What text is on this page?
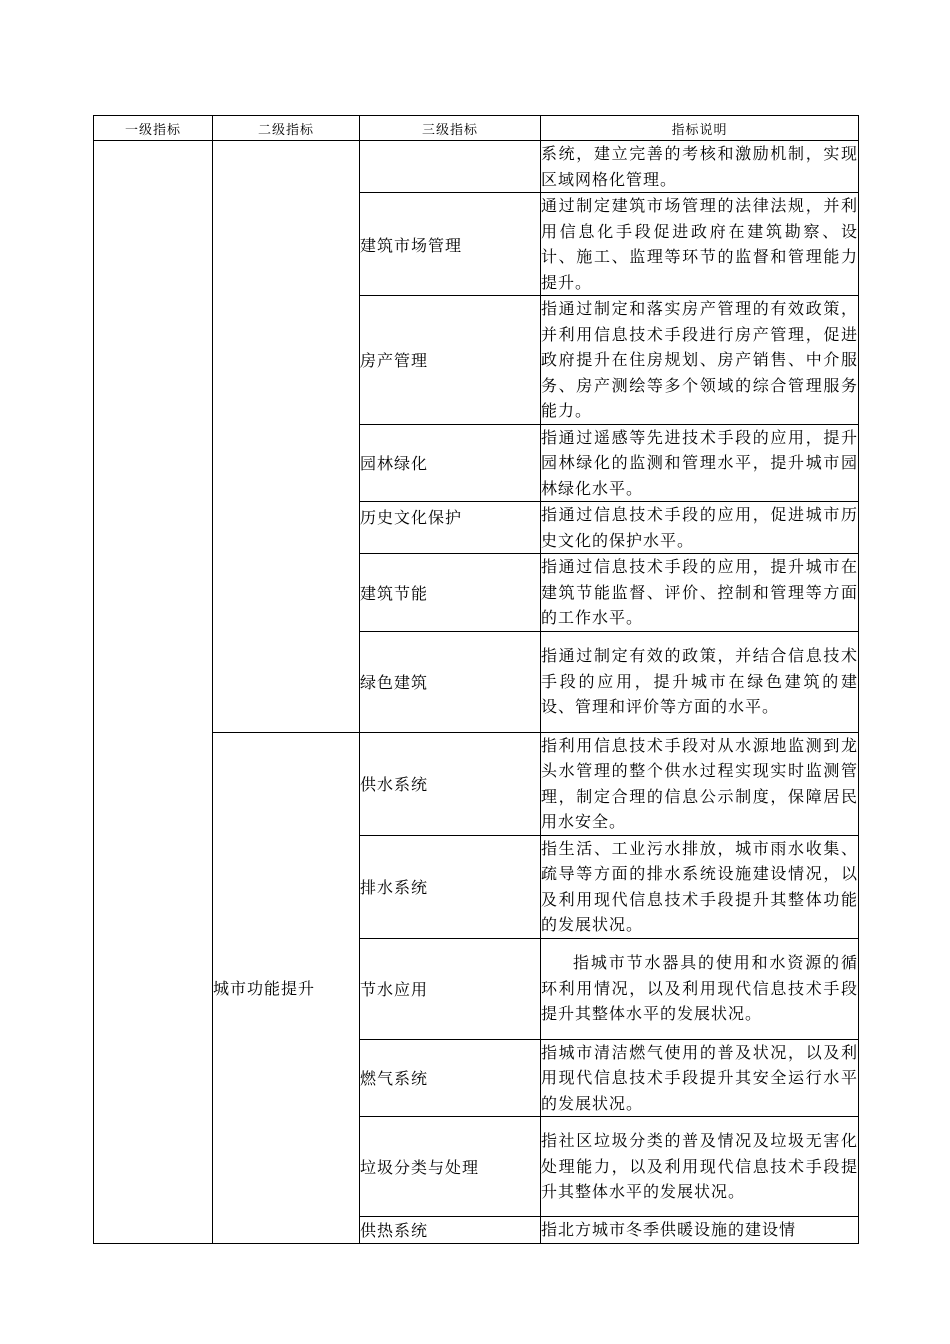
一级指标	二级指标	三级指标	指标说明

			系统，建立完善的考核和激励机制，实现区域网格化管理。

		建筑市场管理	通过制定建筑市场管理的法律法规，并利用信息化手段促进政府在建筑勘察、设计、施工、监理等环节的监督和管理能力提升。

		房产管理	指通过制定和落实房产管理的有效政策，并利用信息技术手段进行房产管理，促进政府提升在住房规划、房产销售、中介服务、房产测绘等多个领域的综合管理服务能力。

		园林绿化	指通过遥感等先进技术手段的应用，提升园林绿化的监测和管理水平，提升城市园林绿化水平。

		历史文化保护	指通过信息技术手段的应用，促进城市历史文化的保护水平。

		建筑节能	指通过信息技术手段的应用，提升城市在建筑节能监督、评价、控制和管理等方面的工作水平。

		绿色建筑	指通过制定有效的政策，并结合信息技术手段的应用，提升城市在绿色建筑的建设、管理和评价等方面的水平。

	城市功能提升	供水系统	指利用信息技术手段对从水源地监测到龙头水管理的整个供水过程实现实时监测管理，制定合理的信息公示制度，保障居民用水安全。

		排水系统	指生活、工业污水排放，城市雨水收集、疏导等方面的排水系统设施建设情况，以及利用现代信息技术手段提升其整体功能的发展状况。

		节水应用	指城市节水器具的使用和水资源的循环利用情况，以及利用现代信息技术手段提升其整体水平的发展状况。

		燃气系统	指城市清洁燃气使用的普及状况，以及利用现代信息技术手段提升其安全运行水平的发展状况。

		垃圾分类与处理	指社区垃圾分类的普及情况及垃圾无害化处理能力，以及利用现代信息技术手段提升其整体水平的发展状况。

		供热系统	指北方城市冬季供暖设施的建设情
